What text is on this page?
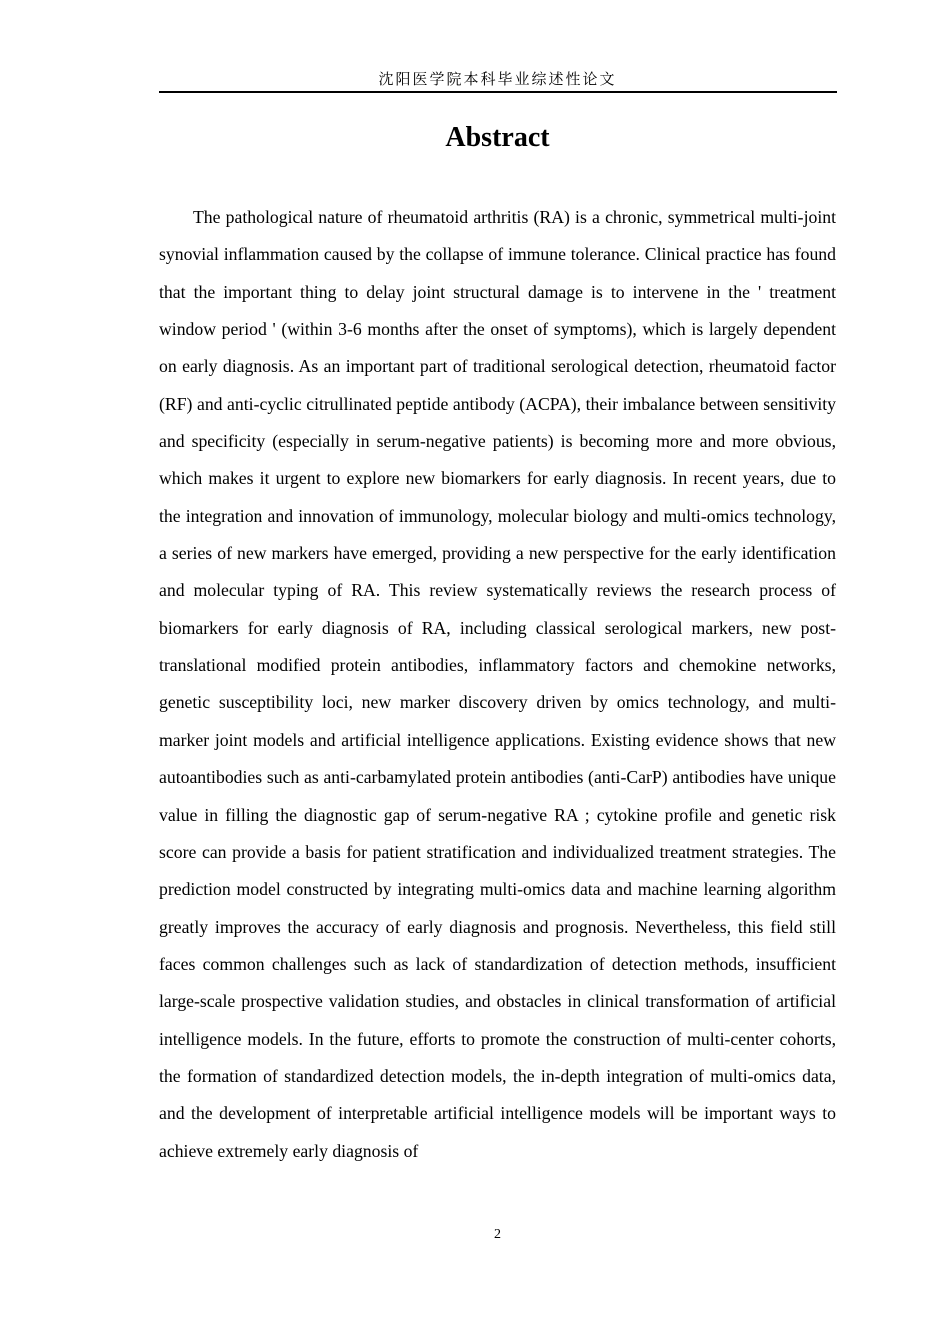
沈阳医学院本科毕业综述性论文
Abstract

The pathological nature of rheumatoid arthritis (RA) is a chronic, symmetrical multi-joint synovial inflammation caused by the collapse of immune tolerance. Clinical practice has found that the important thing to delay joint structural damage is to intervene in the ' treatment window period ' (within 3-6 months after the onset of symptoms), which is largely dependent on early diagnosis. As an important part of traditional serological detection, rheumatoid factor (RF) and anti-cyclic citrullinated peptide antibody (ACPA), their imbalance between sensitivity and specificity (especially in serum-negative patients) is becoming more and more obvious, which makes it urgent to explore new biomarkers for early diagnosis. In recent years, due to the integration and innovation of immunology, molecular biology and multi-omics technology, a series of new markers have emerged, providing a new perspective for the early identification and molecular typing of RA. This review systematically reviews the research process of biomarkers for early diagnosis of RA, including classical serological markers, new post-translational modified protein antibodies, inflammatory factors and chemokine networks, genetic susceptibility loci, new marker discovery driven by omics technology, and multi-marker joint models and artificial intelligence applications. Existing evidence shows that new autoantibodies such as anti-carbamylated protein antibodies (anti-CarP) antibodies have unique value in filling the diagnostic gap of serum-negative RA ; cytokine profile and genetic risk score can provide a basis for patient stratification and individualized treatment strategies. The prediction model constructed by integrating multi-omics data and machine learning algorithm greatly improves the accuracy of early diagnosis and prognosis. Nevertheless, this field still faces common challenges such as lack of standardization of detection methods, insufficient large-scale prospective validation studies, and obstacles in clinical transformation of artificial intelligence models. In the future, efforts to promote the construction of multi-center cohorts, the formation of standardized detection models, the in-depth integration of multi-omics data, and the development of interpretable artificial intelligence models will be important ways to achieve extremely early diagnosis of

2
